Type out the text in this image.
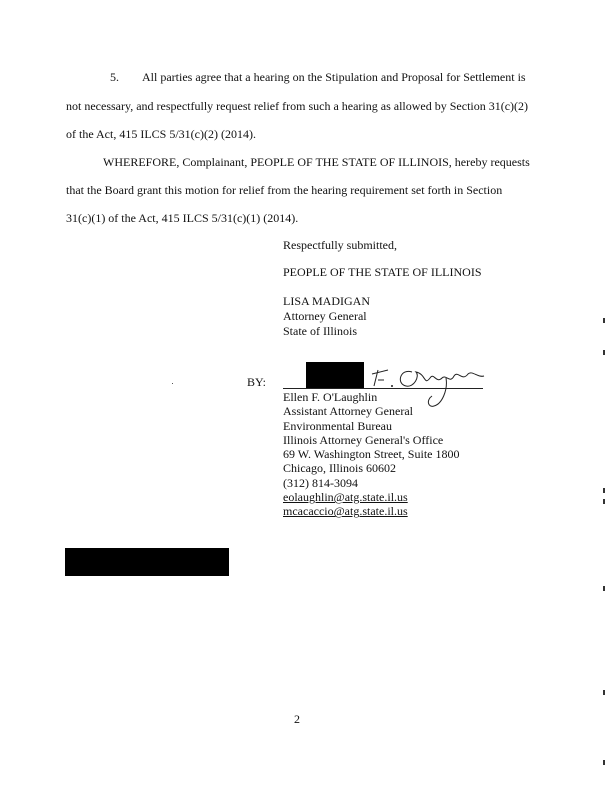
5. All parties agree that a hearing on the Stipulation and Proposal for Settlement is
not necessary, and respectfully request relief from such a hearing as allowed by Section 31(c)(2)
of the Act, 415 ILCS 5/31(c)(2) (2014).
WHEREFORE, Complainant, PEOPLE OF THE STATE OF ILLINOIS, hereby requests
that the Board grant this motion for relief from the hearing requirement set forth in Section
31(c)(1) of the Act, 415 ILCS 5/31(c)(1) (2014).
Respectfully submitted,
PEOPLE OF THE STATE OF ILLINOIS
LISA MADIGAN
Attorney General
State of Illinois
BY:
Ellen F. O'Laughlin
Assistant Attorney General
Environmental Bureau
Illinois Attorney General's Office
69 W. Washington Street, Suite 1800
Chicago, Illinois 60602
(312) 814-3094
eolaughlin@atg.state.il.us
mcacaccio@atg.state.il.us
2
